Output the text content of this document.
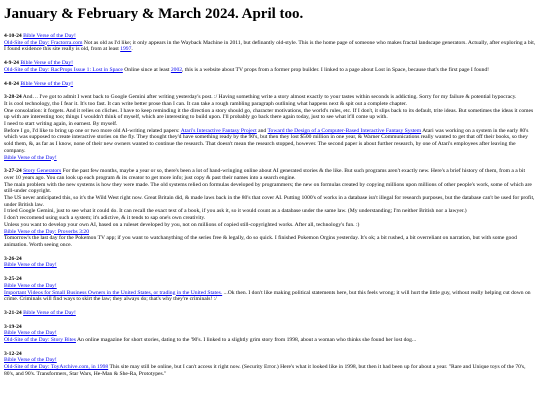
January & February & March 2024. April too.
4-10-24 Bible Verse of the Day!
Old-Site of the Day: Fractorra.com Not as old as I'd like; it only appears in the Wayback Machine in 2011, but definantly old-style. This is the home page of someone who makes fractal landscape generators. Actually, after exploring a bit, I found exidence this site really is old, from at least 1997.
4-9-24 Bible Verse of the Day!
Old-Site of the Day: RacProps Issue 1: Lost in Space Online since at least 2002, this is a website about TV props from a former prop builder. I linked to a page about Lost in Space, because that's the first page I found!
4-8-24 Bible Verse of the Day!
3-28-24 And… I've got to admit I went back to Google Gemini after writing yesterday's post. :/ Having something write a story almost exactly to your tastes within seconds is addicting. Sorry for my failure & potential hypocracy.
It is cool technology, tho I fear it. It's too fast. It can write better prose than I can. It can take a rough rambling paragraph outlining what happens next & spit out a complete chapter.
One consolation: it forgets. And it relies on cliches. I have to keep reminding it the direction a story should go, character motivations, the world's rules, etc. If I don't, it slips back to its default, trite ideas. But sometimes the ideas it comes up with are interesting too; things I wouldn't think of myself, which are interesting to build upon. I'll probably go back there again today, just to see what it'll come up with.
I need to start writing again, in earnest. By myself.
Before I go, I'd like to bring up one or two more old AI-writing related papers: Atari's Interactive Fantasy Project and Toward the Design of a Computer-Based Interactive Fantasy System Atari was working on a system in the early 80's which was supposed to create interactive stories on the fly. They thought they'd have something ready by the 90's, but then they lost $500 million in one year, & Warner Communications really wanted to get that off their books, so they sold them, &, as far as I know, none of their new owners wanted to continue the research. That doesn't mean the research stopped, however. The second paper is about further research, by one of Atari's employees after leaving the company.
Bible Verse of the Day!
3-27-24 Story Generators For the past few months, maybe a year or so, there's been a lot of hand-wringing online about AI generated stories & the like. But such programs aren't exactly new. Here's a brief history of them, from a a bit over 10 years ago. You can look up each program & its creator to get more info; just copy & past their names into a search engine.
The main problem with the new systems is how they were made. The old systems relied on formulas developed by programmers; the new on formulas created by copying millions upon millions of other people's work, some of which are still-under copyright.
The US never anticipated this, so it's the Wild West right now. Great Britain did, & made laws back in the 80's that cover AI. Putting 1000's of works in a database isn't illegal for research purposes, but the database can't be used for profit, under British law.
I tried Google Gemini, just to see what it could do. It can recall the exact text of a book, if you ask it, so it would count as a database under the same law. (My understanding; I'm neither British nor a lawyer.)
I don't reccomend using such a system; it's adictive, & it tends to sap one's own creativity.
Unless you want to develop your own AI, based on a ruleset developed by you, not on millions of copied still-copyrighted works. After all, technology's fun. :)
Bible Verse of the Day: Proverbs 3:20
Tomorrow's the last day for the Pokemon TV app; if you want to watchanything of the series free & legally, do so quick. I finished Pokemon Orgins yesterday. It's ok; a bit rushed, a bit overreliant on narration, but with some good animation. Worth seeing once.
3-26-24
Bible Verse of the Day!
3-25-24
Bible Verse of the Day!
Important Videos for Small Business Owners in the United States, or trading in the United States. ...Ok then. I don't like making political statements here, but this feels wrong; it will hurt the little guy, without really helping cut down on crime. Criminals will find ways to skirt the law; they always do; that's why they're criminals! :/
3-21-24 Bible Verse of the Day!
3-19-24
Bible Verse of the Day!
Old-Site of the Day: Story Bites An online magazine for short stories, dating to the '90's. I linked to a slightly grim story from 1998, about a woman who thinks she found her lost dog...
3-12-24
Bible Verse of the Day!
Old-Site of the Day: ToyArchive.com, in 1998 This site may still be online, but I can't access it right now. (Security Error.) Here's what it looked like in 1998, but then it had been up for about a year. "Rare and Unique toys of the 70's, 80's, and 90's. Transformers, Star Wars, He-Man & She-Ra, Prototypes."
